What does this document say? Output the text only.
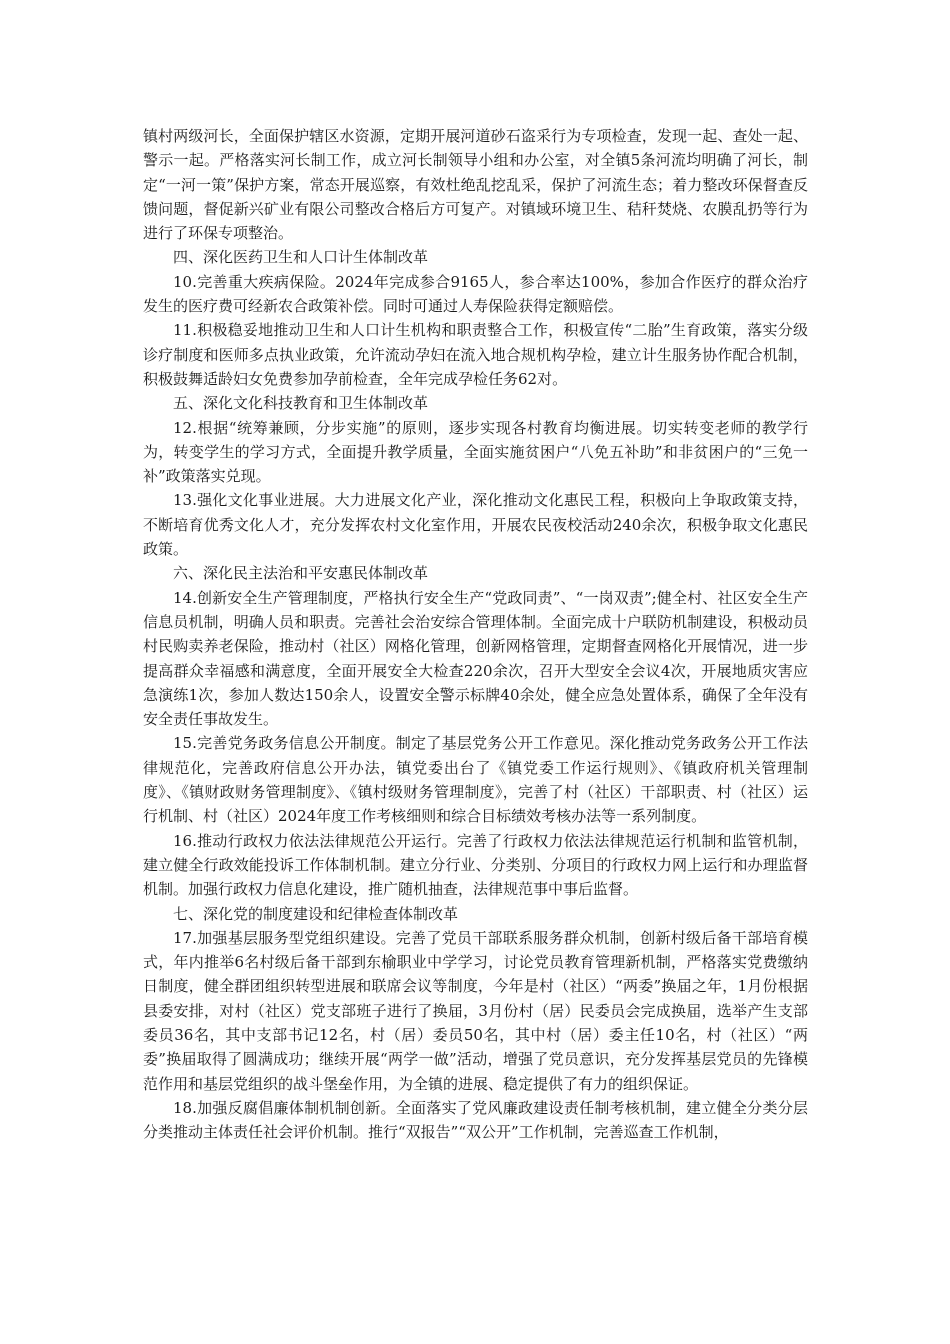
镇村两级河长，全面保护辖区水资源，定期开展河道砂石盗采行为专项检查，发现一起、查处一起、警示一起。严格落实河长制工作，成立河长制领导小组和办公室，对全镇5条河流均明确了河长，制定“一河一策”保护方案，常态开展巡察，有效杜绝乱挖乱采，保护了河流生态；着力整改环保督查反馈问题，督促新兴矿业有限公司整改合格后方可复产。对镇域环境卫生、秸秆焚烧、农膜乱扔等行为进行了环保专项整治。

四、深化医药卫生和人口计生体制改革

10.完善重大疾病保险。2024年完成参合9165人，参合率达100%，参加合作医疗的群众治疗发生的医疗费可经新农合政策补偿。同时可通过人寿保险获得定额赔偿。

11.积极稳妥地推动卫生和人口计生机构和职责整合工作，积极宣传“二胎”生育政策，落实分级诊疗制度和医师多点执业政策，允许流动孕妇在流入地合规机构孕检，建立计生服务协作配合机制，积极鼓舞适龄妇女免费参加孕前检查，全年完成孕检任务62对。

五、深化文化科技教育和卫生体制改革

12.根据“统筹兼顾，分步实施”的原则，逐步实现各村教育均衡进展。切实转变老师的教学行为，转变学生的学习方式，全面提升教学质量，全面实施贫困户“八免五补助”和非贫困户的“三免一补”政策落实兑现。

13.强化文化事业进展。大力进展文化产业，深化推动文化惠民工程，积极向上争取政策支持，不断培育优秀文化人才，充分发挥农村文化室作用，开展农民夜校活动240余次，积极争取文化惠民政策。

六、深化民主法治和平安惠民体制改革

14.创新安全生产管理制度，严格执行安全生产“党政同责”、“一岗双责”;健全村、社区安全生产信息员机制，明确人员和职责。完善社会治安综合管理体制。全面完成十户联防机制建设，积极动员村民购卖养老保险，推动村（社区）网格化管理，创新网格管理，定期督查网格化开展情况，进一步提高群众幸福感和满意度，全面开展安全大检查220余次，召开大型安全会议4次，开展地质灾害应急演练1次，参加人数达150余人，设置安全警示标牌40余处，健全应急处置体系，确保了全年没有安全责任事故发生。

15.完善党务政务信息公开制度。制定了基层党务公开工作意见。深化推动党务政务公开工作法律规范化，完善政府信息公开办法，镇党委出台了《镇党委工作运行规则》、《镇政府机关管理制度》、《镇财政财务管理制度》、《镇村级财务管理制度》，完善了村（社区）干部职责、村（社区）运行机制、村（社区）2024年度工作考核细则和综合目标绩效考核办法等一系列制度。

16.推动行政权力依法法律规范公开运行。完善了行政权力依法法律规范运行机制和监管机制，建立健全行政效能投诉工作体制机制。建立分行业、分类别、分项目的行政权力网上运行和办理监督机制。加强行政权力信息化建设，推广随机抽查，法律规范事中事后监督。

七、深化党的制度建设和纪律检查体制改革

17.加强基层服务型党组织建设。完善了党员干部联系服务群众机制，创新村级后备干部培育模式，年内推举6名村级后备干部到东榆职业中学学习，讨论党员教育管理新机制，严格落实党费缴纳日制度，健全群团组织转型进展和联席会议等制度，今年是村（社区）“两委”换届之年，1月份根据县委安排，对村（社区）党支部班子进行了换届，3月份村（居）民委员会完成换届，选举产生支部委员36名，其中支部书记12名，村（居）委员50名，其中村（居）委主任10名，村（社区）“两委”换届取得了圆满成功；继续开展“两学一做”活动，增强了党员意识，充分发挥基层党员的先锋模范作用和基层党组织的战斗堡垒作用，为全镇的进展、稳定提供了有力的组织保证。

18.加强反腐倡廉体制机制创新。全面落实了党风廉政建设责任制考核机制，建立健全分类分层分类推动主体责任社会评价机制。推行“双报告”“双公开”工作机制，完善巡查工作机制，
